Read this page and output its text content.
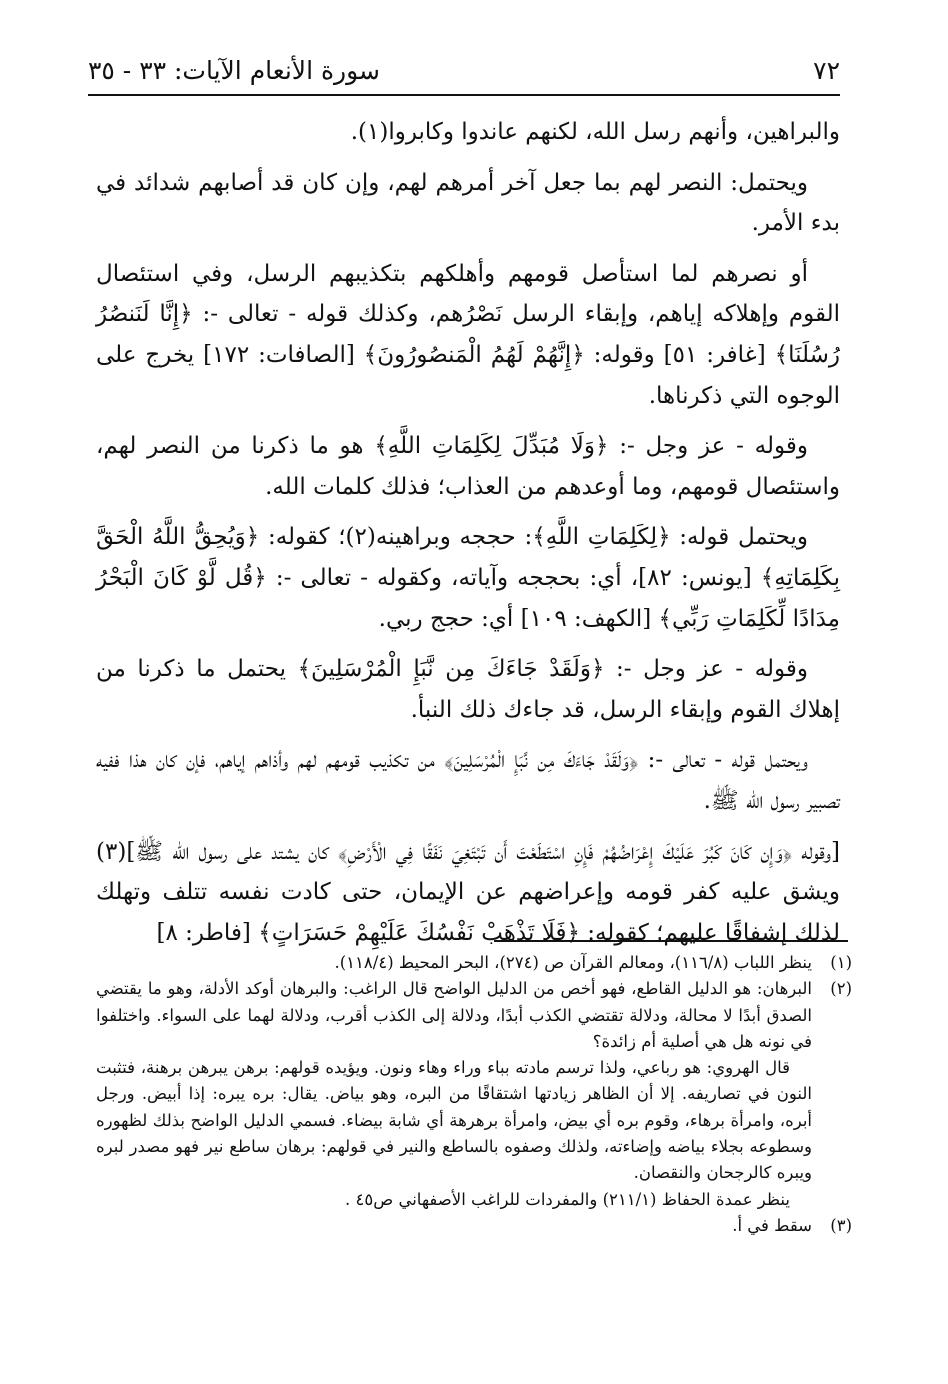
٧٢
سورة الأنعام الآيات: ٣٣ - ٣٥

والبراهين، وأنهم رسل الله، لكنهم عاندوا وكابروا(١).

ويحتمل: النصر لهم بما جعل آخر أمرهم لهم، وإن كان قد أصابهم شدائد في بدء الأمر.

أو نصرهم لما استأصل قومهم وأهلكهم بتكذيبهم الرسل، وفي استئصال القوم وإهلاكه إياهم، وإبقاء الرسل نَصْرُهم، وكذلك قوله - تعالى -: ﴿إِنَّا لَنَنصُرُ رُسُلَنَا﴾ [غافر: ٥١] وقوله: ﴿إِنَّهُمْ لَهُمُ الْمَنصُورُونَ﴾ [الصافات: ١٧٢] يخرج على الوجوه التي ذكرناها.

وقوله - عز وجل -: ﴿وَلَا مُبَدِّلَ لِكَلِمَاتِ اللَّهِ﴾ هو ما ذكرنا من النصر لهم، واستئصال قومهم، وما أوعدهم من العذاب؛ فذلك كلمات الله.

ويحتمل قوله: ﴿لِكَلِمَاتِ اللَّهِ﴾: حججه وبراهينه(٢)؛ كقوله: ﴿وَيُحِقُّ اللَّهُ الْحَقَّ بِكَلِمَاتِهِ﴾ [يونس: ٨٢]، أي: بحججه وآياته، وكقوله - تعالى -: ﴿قُل لَّوْ كَانَ الْبَحْرُ مِدَادًا لِّكَلِمَاتِ رَبِّي﴾ [الكهف: ١٠٩] أي: حجج ربي.

وقوله - عز وجل -: ﴿وَلَقَدْ جَاءَكَ مِن نَّبَإِ الْمُرْسَلِينَ﴾ يحتمل ما ذكرنا من إهلاك القوم وإبقاء الرسل، قد جاءك ذلك النبأ.

ويحتمل قوله - تعالى -: ﴿وَلَقَدْ جَاءَكَ مِن نَّبَإِ الْمُرْسَلِينَ﴾ من تكذيب قومهم لهم وأذاهم إياهم، فإن كان هذا ففيه تصبير رسول الله ﷺ.

[وقوله ﴿وَإِن كَانَ كَبُرَ عَلَيْكَ إِعْرَاضُهُمْ فَإِنِ اسْتَطَعْتَ أَن تَبْتَغِيَ نَفَقًا فِي الْأَرْضِ﴾ كان يشتد على رسول الله ﷺ](٣) ويشق عليه كفر قومه وإعراضهم عن الإيمان، حتى كادت نفسه تتلف وتهلك لذلك إشفاقًا عليهم؛ كقوله: ﴿فَلَا تَذْهَبْ نَفْسُكَ عَلَيْهِمْ حَسَرَاتٍ﴾ [فاطر: ٨]

(١)
ينظر اللباب (١١٦/٨)، ومعالم القرآن ص (٢٧٤)، البحر المحيط (١١٨/٤).
(٢)
البرهان: هو الدليل القاطع، فهو أخص من الدليل الواضح قال الراغب: والبرهان أوكد الأدلة، وهو ما يقتضي الصدق أبدًا لا محالة، ودلالة تقتضي الكذب أبدًا، ودلالة إلى الكذب أقرب، ودلالة لهما على السواء. واختلفوا في نونه هل هي أصلية أم زائدة؟
قال الهروي: هو رباعي، ولذا ترسم مادته بباء وراء وهاء ونون. ويؤيده قولهم: برهن يبرهن برهنة، فتثبت النون في تصاريفه. إلا أن الظاهر زيادتها اشتقاقًا من البره، وهو بياض. يقال: بره يبره: إذا أبيض. ورجل أبره، وامرأة برهاء، وقوم بره أي بيض، وامرأة برهرهة أي شابة بيضاء. فسمي الدليل الواضح بذلك لظهوره وسطوعه بجلاء بياضه وإضاءته، ولذلك وصفوه بالساطع والنير في قولهم: برهان ساطع نير فهو مصدر لبره ويبره كالرجحان والنقصان.
ينظر عمدة الحفاظ (٢١١/١) والمفردات للراغب الأصفهاني ص٤٥ .
(٣)
سقط في أ.
